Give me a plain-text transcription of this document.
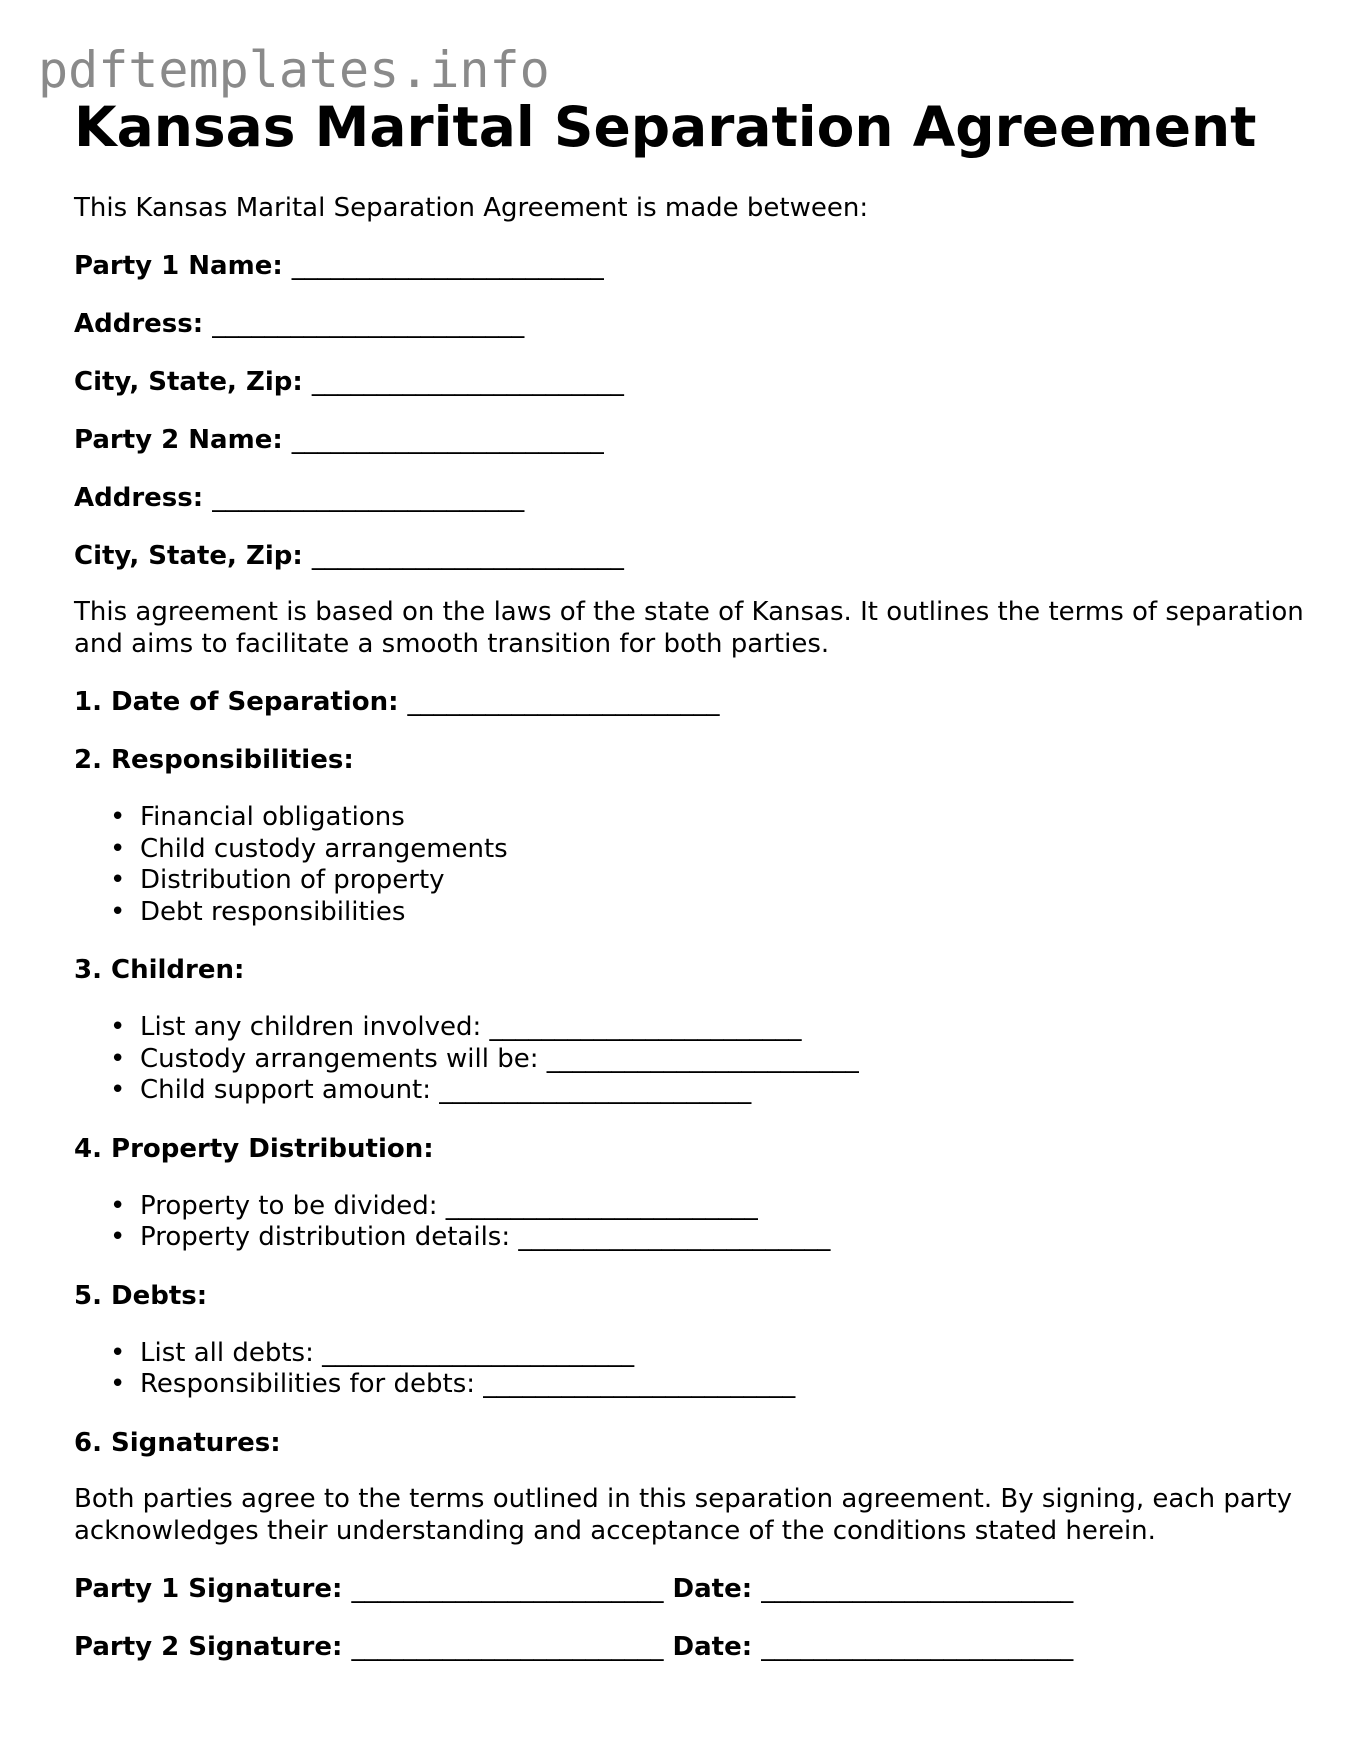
pdftemplates.info
Kansas Marital Separation Agreement

This Kansas Marital Separation Agreement is made between:

Party 1 Name: ________________________

Address: ________________________

City, State, Zip: ________________________

Party 2 Name: ________________________

Address: ________________________

City, State, Zip: ________________________

This agreement is based on the laws of the state of Kansas. It outlines the terms of separation and aims to facilitate a smooth transition for both parties.

1. Date of Separation: ________________________

2. Responsibilities:

• Financial obligations
• Child custody arrangements
• Distribution of property
• Debt responsibilities

3. Children:

• List any children involved: ________________________
• Custody arrangements will be: ________________________
• Child support amount: ________________________

4. Property Distribution:

• Property to be divided: ________________________
• Property distribution details: ________________________

5. Debts:

• List all debts: ________________________
• Responsibilities for debts: ________________________

6. Signatures:

Both parties agree to the terms outlined in this separation agreement. By signing, each party acknowledges their understanding and acceptance of the conditions stated herein.

Party 1 Signature: ________________________ Date: ________________________

Party 2 Signature: ________________________ Date: ________________________
